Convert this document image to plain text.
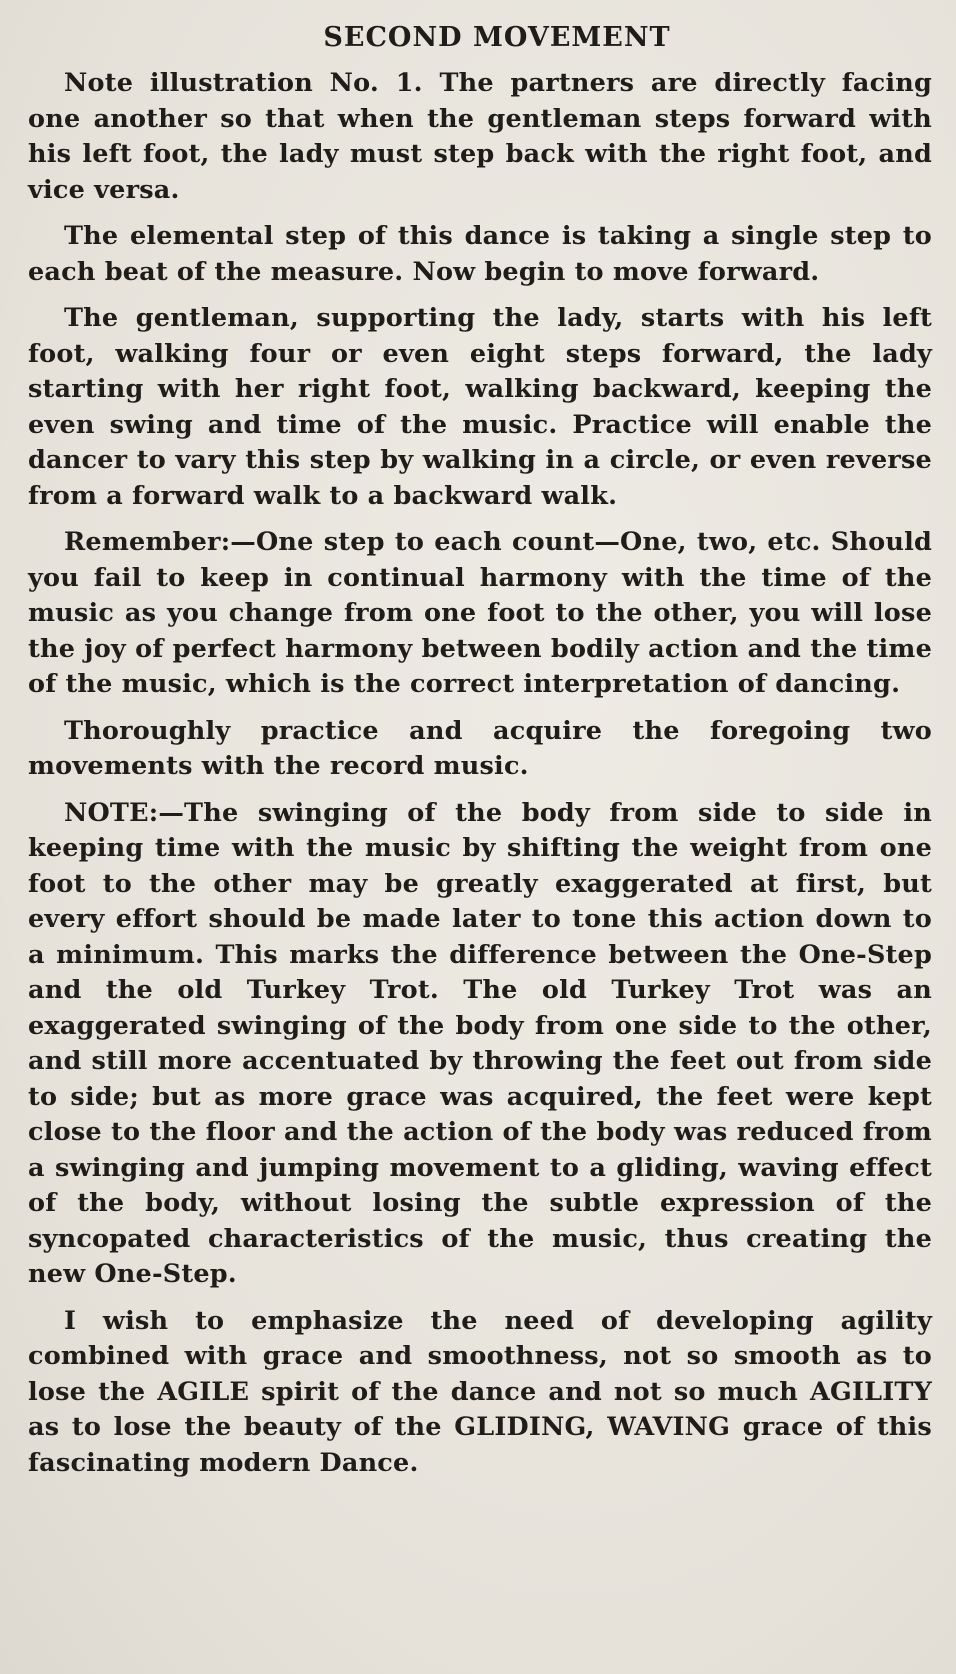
SECOND MOVEMENT

Note illustration No. 1. The partners are directly facing one another so that when the gentleman steps forward with his left foot, the lady must step back with the right foot, and vice versa.

The elemental step of this dance is taking a single step to each beat of the measure. Now begin to move forward.

The gentleman, supporting the lady, starts with his left foot, walking four or even eight steps forward, the lady starting with her right foot, walking backward, keeping the even swing and time of the music. Practice will enable the dancer to vary this step by walking in a circle, or even reverse from a forward walk to a backward walk.

Remember:—One step to each count—One, two, etc. Should you fail to keep in continual harmony with the time of the music as you change from one foot to the other, you will lose the joy of perfect harmony between bodily action and the time of the music, which is the correct interpretation of dancing.

Thoroughly practice and acquire the foregoing two movements with the record music.

NOTE:—The swinging of the body from side to side in keeping time with the music by shifting the weight from one foot to the other may be greatly exaggerated at first, but every effort should be made later to tone this action down to a minimum. This marks the difference between the One-Step and the old Turkey Trot. The old Turkey Trot was an exaggerated swinging of the body from one side to the other, and still more accentuated by throwing the feet out from side to side; but as more grace was acquired, the feet were kept close to the floor and the action of the body was reduced from a swinging and jumping movement to a gliding, waving effect of the body, without losing the subtle expression of the syncopated characteristics of the music, thus creating the new One-Step.

I wish to emphasize the need of developing agility combined with grace and smoothness, not so smooth as to lose the AGILE spirit of the dance and not so much AGILITY as to lose the beauty of the GLIDING, WAVING grace of this fascinating modern Dance.
